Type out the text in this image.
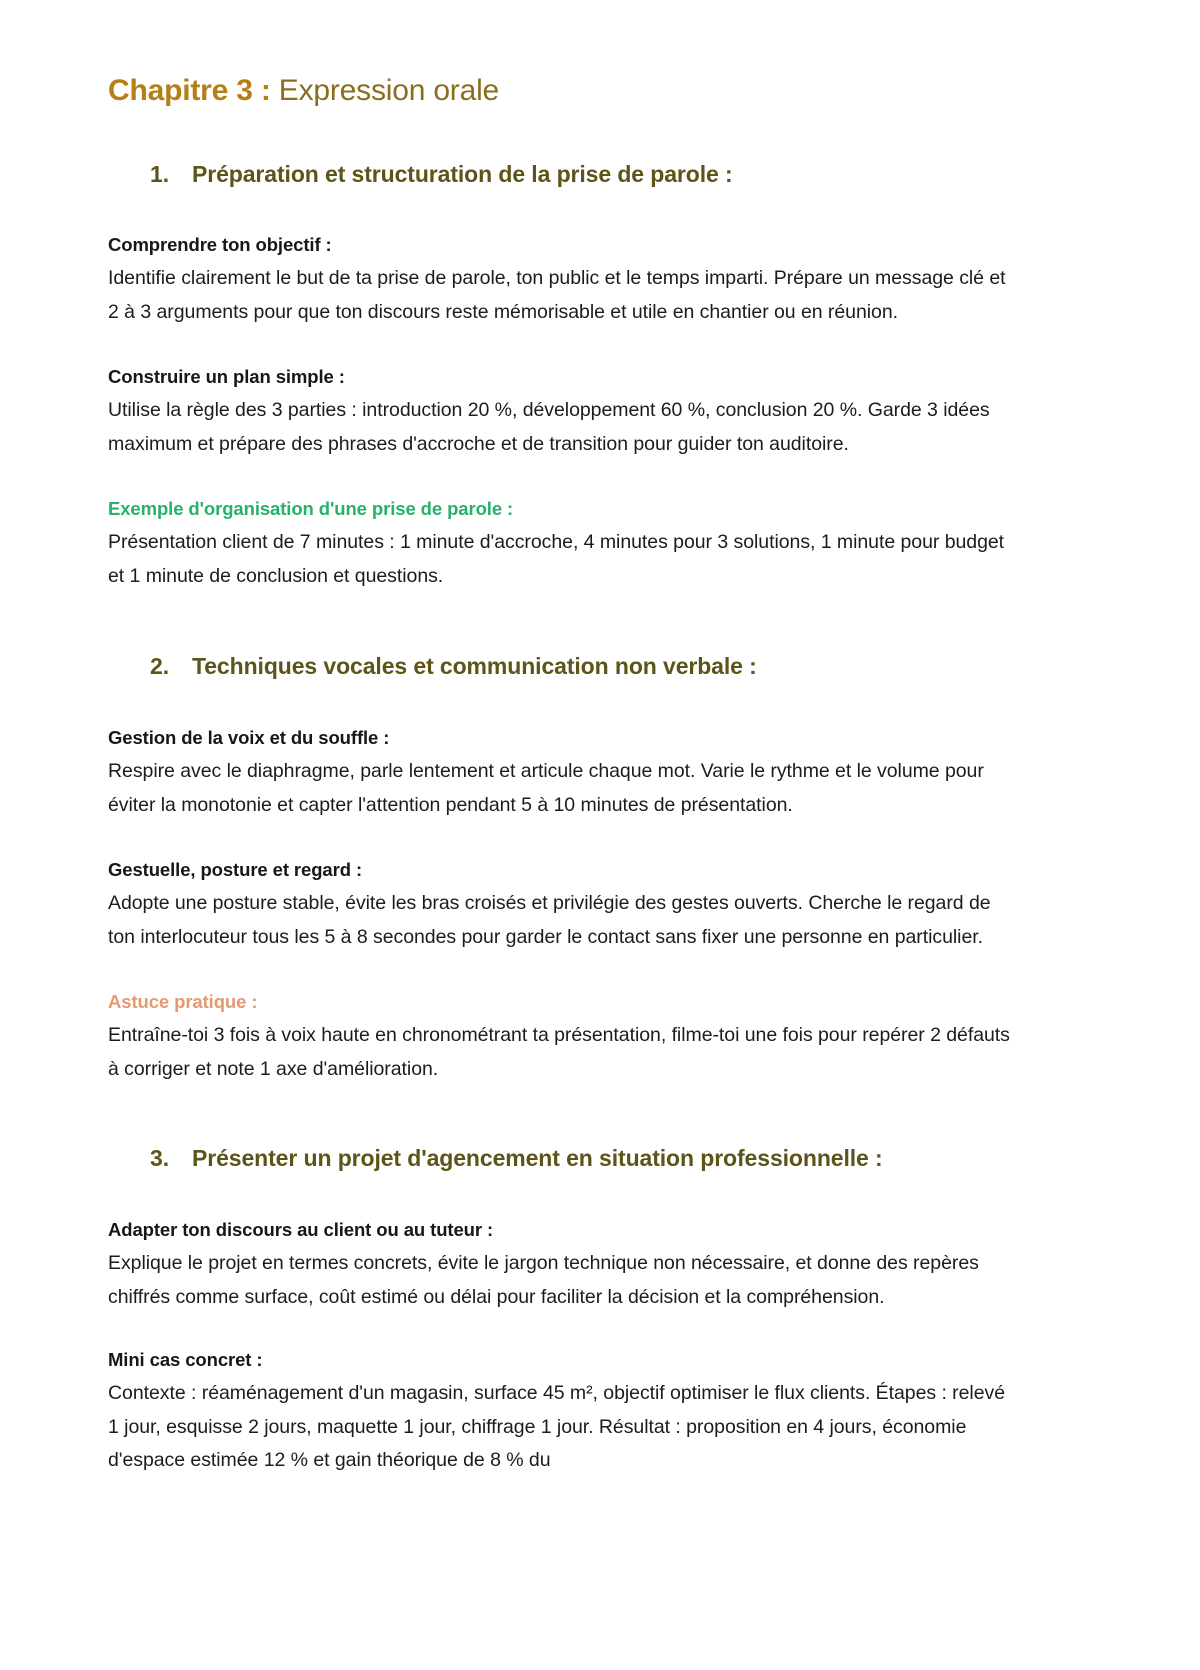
Chapitre 3 : Expression orale
1.	Préparation et structuration de la prise de parole :
Comprendre ton objectif :

Identifie clairement le but de ta prise de parole, ton public et le temps imparti. Prépare un message clé et 2 à 3 arguments pour que ton discours reste mémorisable et utile en chantier ou en réunion.

Construire un plan simple :

Utilise la règle des 3 parties : introduction 20 %, développement 60 %, conclusion 20 %. Garde 3 idées maximum et prépare des phrases d'accroche et de transition pour guider ton auditoire.

Exemple d'organisation d'une prise de parole :

Présentation client de 7 minutes : 1 minute d'accroche, 4 minutes pour 3 solutions, 1 minute pour budget et 1 minute de conclusion et questions.

2.	Techniques vocales et communication non verbale :
Gestion de la voix et du souffle :

Respire avec le diaphragme, parle lentement et articule chaque mot. Varie le rythme et le volume pour éviter la monotonie et capter l'attention pendant 5 à 10 minutes de présentation.

Gestuelle, posture et regard :

Adopte une posture stable, évite les bras croisés et privilégie des gestes ouverts. Cherche le regard de ton interlocuteur tous les 5 à 8 secondes pour garder le contact sans fixer une personne en particulier.

Astuce pratique :

Entraîne-toi 3 fois à voix haute en chronométrant ta présentation, filme-toi une fois pour repérer 2 défauts à corriger et note 1 axe d'amélioration.

3.	Présenter un projet d'agencement en situation professionnelle :
Adapter ton discours au client ou au tuteur :

Explique le projet en termes concrets, évite le jargon technique non nécessaire, et donne des repères chiffrés comme surface, coût estimé ou délai pour faciliter la décision et la compréhension.

Mini cas concret :

Contexte : réaménagement d'un magasin, surface 45 m², objectif optimiser le flux clients. Étapes : relevé 1 jour, esquisse 2 jours, maquette 1 jour, chiffrage 1 jour. Résultat : proposition en 4 jours, économie d'espace estimée 12 % et gain théorique de 8 % du
